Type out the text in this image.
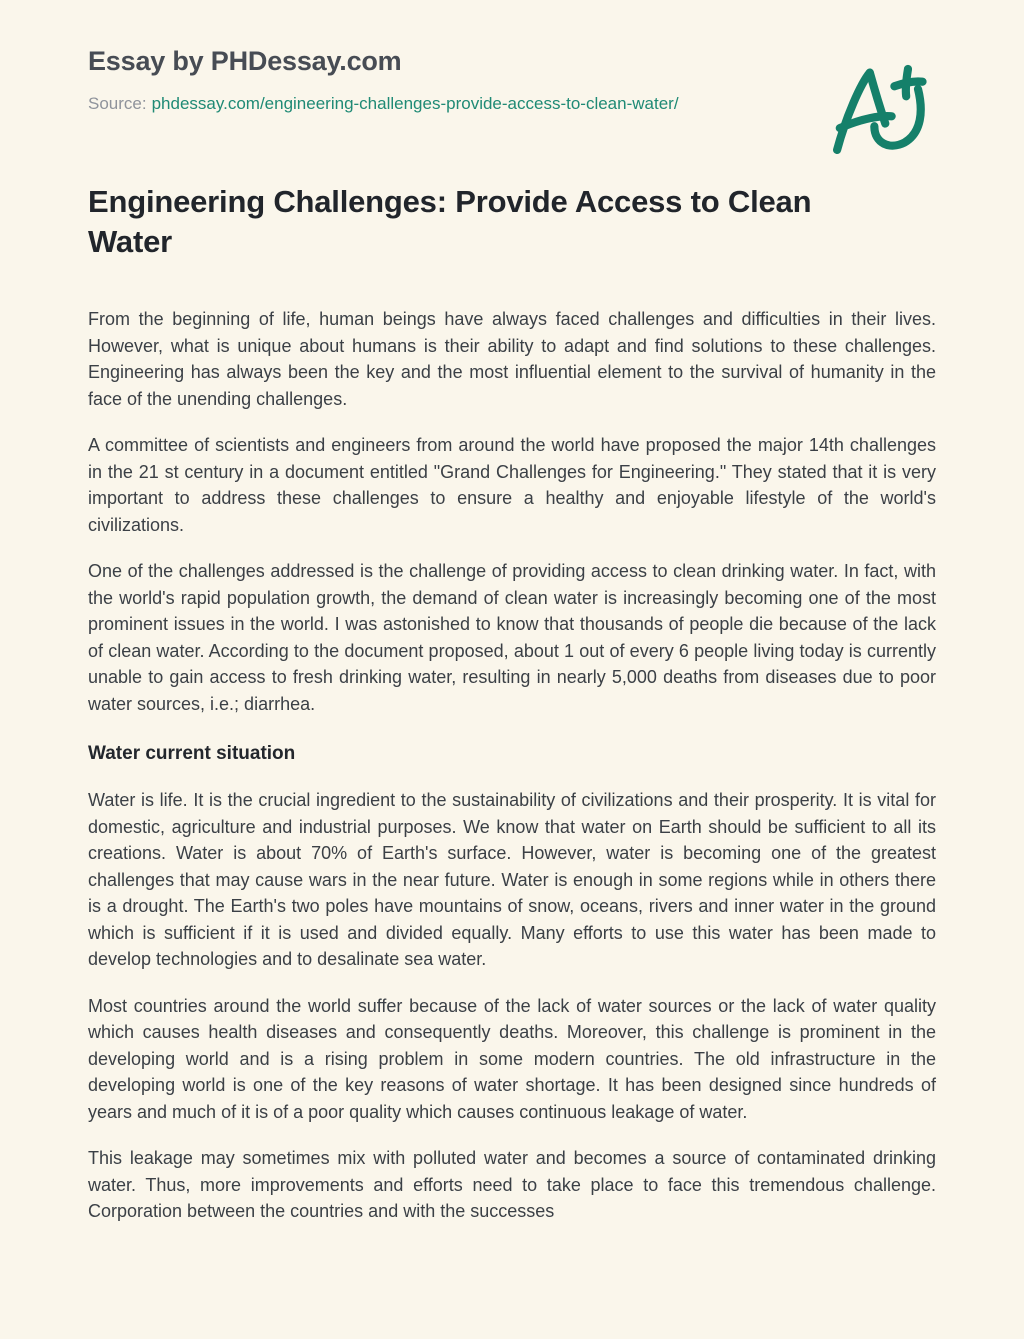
Essay by PHDessay.com
Source: phdessay.com/engineering-challenges-provide-access-to-clean-water/
Engineering Challenges: Provide Access to Clean Water

From the beginning of life, human beings have always faced challenges and difficulties in their lives. However, what is unique about humans is their ability to adapt and find solutions to these challenges. Engineering has always been the key and the most influential element to the survival of humanity in the face of the unending challenges.

A committee of scientists and engineers from around the world have proposed the major 14th challenges in the 21 st century in a document entitled "Grand Challenges for Engineering." They stated that it is very important to address these challenges to ensure a healthy and enjoyable lifestyle of the world's civilizations.

One of the challenges addressed is the challenge of providing access to clean drinking water. In fact, with the world's rapid population growth, the demand of clean water is increasingly becoming one of the most prominent issues in the world. I was astonished to know that thousands of people die because of the lack of clean water. According to the document proposed, about 1 out of every 6 people living today is currently unable to gain access to fresh drinking water, resulting in nearly 5,000 deaths from diseases due to poor water sources, i.e.; diarrhea.

Water current situation

Water is life. It is the crucial ingredient to the sustainability of civilizations and their prosperity. It is vital for domestic, agriculture and industrial purposes. We know that water on Earth should be sufficient to all its creations. Water is about 70% of Earth's surface. However, water is becoming one of the greatest challenges that may cause wars in the near future. Water is enough in some regions while in others there is a drought. The Earth's two poles have mountains of snow, oceans, rivers and inner water in the ground which is sufficient if it is used and divided equally. Many efforts to use this water has been made to develop technologies and to desalinate sea water.

Most countries around the world suffer because of the lack of water sources or the lack of water quality which causes health diseases and consequently deaths. Moreover, this challenge is prominent in the developing world and is a rising problem in some modern countries. The old infrastructure in the developing world is one of the key reasons of water shortage. It has been designed since hundreds of years and much of it is of a poor quality which causes continuous leakage of water.

This leakage may sometimes mix with polluted water and becomes a source of contaminated drinking water. Thus, more improvements and efforts need to take place to face this tremendous challenge. Corporation between the countries and with the successes
